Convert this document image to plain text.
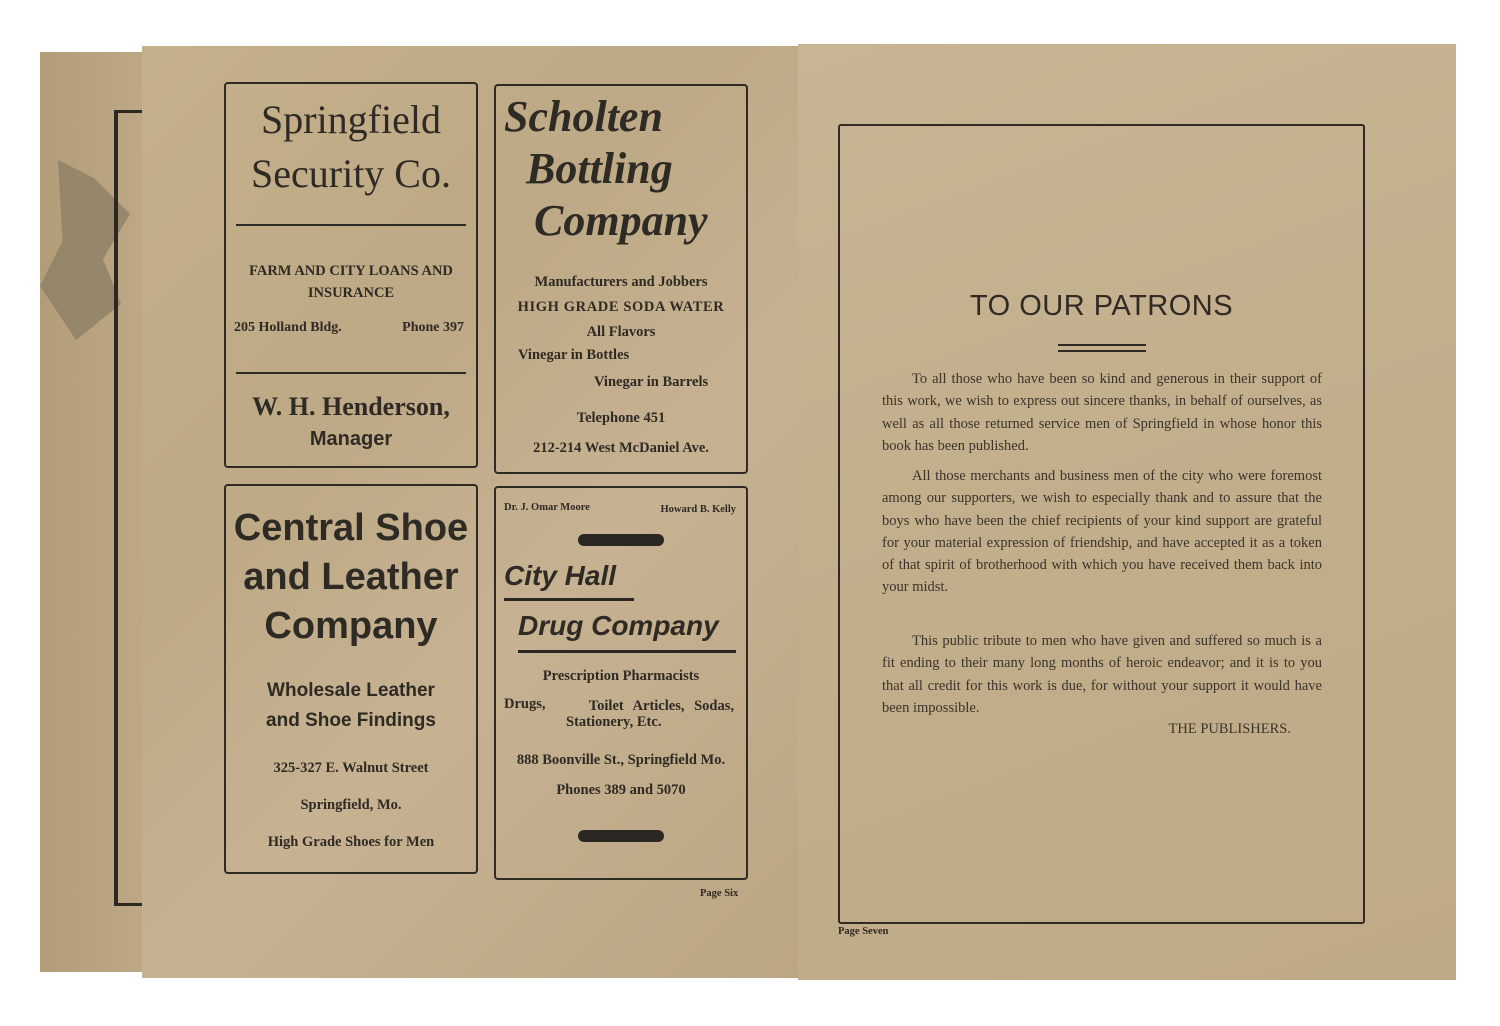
Springfield
Security Co.
FARM AND CITY LOANS AND INSURANCE
205 Holland Bldg.	Phone 397
W. H. Henderson,
Manager
Scholten
Bottling
Company
Manufacturers and Jobbers
HIGH GRADE SODA WATER
All Flavors
Vinegar in Bottles
Vinegar in Barrels
Telephone 451
212-214 West McDaniel Ave.
Central Shoe
and Leather
Company
Wholesale Leather
and Shoe Findings
325-327 E. Walnut Street
Springfield, Mo.
High Grade Shoes for Men
Dr. J. Omar Moore	Howard B. Kelly
City Hall
Drug Company
Prescription Pharmacists
Drugs,	Toilet Articles, Sodas,
Stationery, Etc.
888 Boonville St., Springfield Mo.
Phones 389 and 5070
Page Six
TO OUR PATRONS
To all those who have been so kind and generous in their support of this work, we wish to express out sincere thanks, in behalf of ourselves, as well as all those returned service men of Springfield in whose honor this book has been published.
All those merchants and business men of the city who were foremost among our supporters, we wish to especially thank and to assure that the boys who have been the chief recipients of your kind support are grateful for your material expression of friendship, and have accepted it as a token of that spirit of brotherhood with which you have received them back into your midst.
This public tribute to men who have given and suffered so much is a fit ending to their many long months of heroic endeavor; and it is to you that all credit for this work is due, for without your support it would have been impossible.
THE PUBLISHERS.
Page Seven
